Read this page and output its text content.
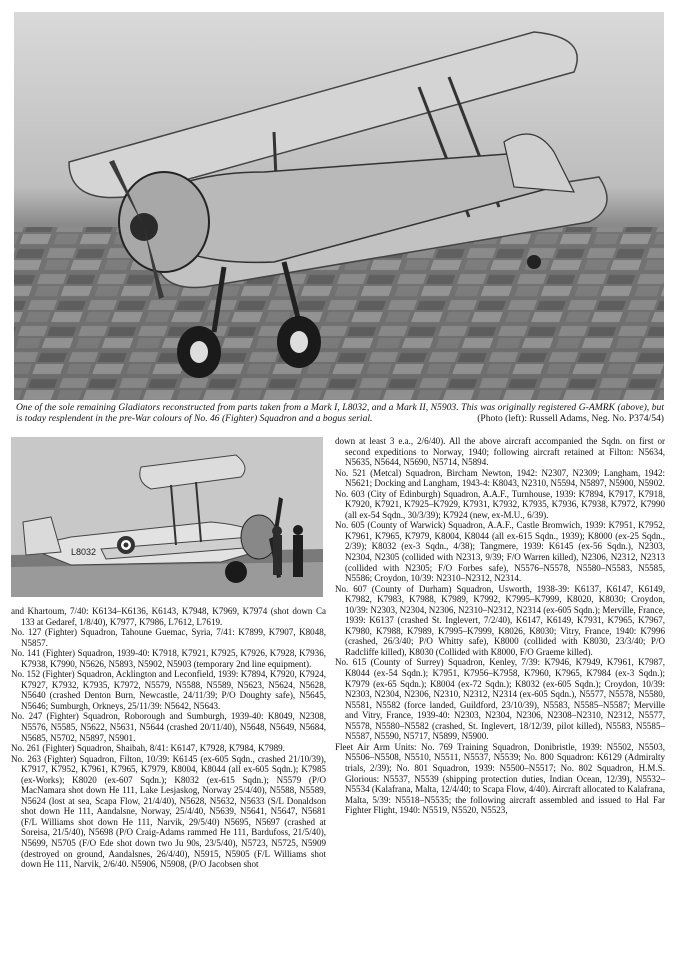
One of the sole remaining Gladiators reconstructed from parts taken from a Mark I, L8032, and a Mark II, N5903. This was originally registered G-AMRK (above), but is today resplendent in the pre-War colours of No. 46 (Fighter) Squadron and a bogus serial.	(Photo (left): Russell Adams, Neg. No. P374/54)
L8032

and Khartoum, 7/40: K6134–K6136, K6143, K7948, K7969, K7974 (shot down Ca 133 at Gedaref, 1/8/40), K7977, K7986, L7612, L7619.

No. 127 (Fighter) Squadron, Tahoune Guemac, Syria, 7/41: K7899, K7907, K8048, N5857.

No. 141 (Fighter) Squadron, 1939-40: K7918, K7921, K7925, K7926, K7928, K7936, K7938, K7990, N5626, N5893, N5902, N5903 (temporary 2nd line equipment).

No. 152 (Fighter) Squadron, Acklington and Leconfield, 1939: K7894, K7920, K7924, K7927, K7932, K7935, K7972, N5579, N5588, N5589, N5623, N5624, N5628, N5640 (crashed Denton Burn, Newcastle, 24/11/39; P/O Doughty safe), N5645, N5646; Sumburgh, Orkneys, 25/11/39: N5642, N5643.

No. 247 (Fighter) Squadron, Roborough and Sumburgh, 1939-40: K8049, N2308, N5576, N5585, N5622, N5631, N5644 (crashed 20/11/40), N5648, N5649, N5684, N5685, N5702, N5897, N5901.

No. 261 (Fighter) Squadron, Shaibah, 8/41: K6147, K7928, K7984, K7989.

No. 263 (Fighter) Squadron, Filton, 10/39: K6145 (ex-605 Sqdn., crashed 21/10/39), K7917, K7952, K7961, K7965, K7979, K8004, K8044 (all ex-605 Sqdn.); K7985 (ex-Works); K8020 (ex-607 Sqdn.); K8032 (ex-615 Sqdn.); N5579 (P/O MacNamara shot down He 111, Lake Lesjaskog, Norway 25/4/40), N5588, N5589, N5624 (lost at sea, Scapa Flow, 21/4/40), N5628, N5632, N5633 (S/L Donaldson shot down He 111, Aandalsne, Norway, 25/4/40, N5639, N5641, N5647, N5681 (F/L Williams shot down He 111, Narvik, 29/5/40) N5695, N5697 (crashed at Soreisa, 21/5/40), N5698 (P/O Craig-Adams rammed He 111, Bardufoss, 21/5/40), N5699, N5705 (F/O Ede shot down two Ju 90s, 23/5/40), N5723, N5725, N5909 (destroyed on ground, Aandalsnes, 26/4/40), N5915, N5905 (F/L Williams shot down He 111, Narvik, 2/6/40. N5906, N5908, (P/O Jacobsen shot

down at least 3 e.a., 2/6/40). All the above aircraft accompanied the Sqdn. on first or second expeditions to Norway, 1940; following aircraft retained at Filton: N5634, N5635, N5644, N5690, N5714, N5894.

No. 521 (Metcal) Squadron, Bircham Newton, 1942: N2307, N2309; Langham, 1942: N5621; Docking and Langham, 1943-4: K8043, N2310, N5594, N5897, N5900, N5902.

No. 603 (City of Edinburgh) Squadron, A.A.F., Turnhouse, 1939: K7894, K7917, K7918, K7920, K7921, K7925–K7929, K7931, K7932, K7935, K7936, K7938, K7972, K7990 (all ex-54 Sqdn., 30/3/39); K7924 (new, ex-M.U., 6/39).

No. 605 (County of Warwick) Squadron, A.A.F., Castle Bromwich, 1939: K7951, K7952, K7961, K7965, K7979, K8004, K8044 (all ex-615 Sqdn., 1939); K8000 (ex-25 Sqdn., 2/39); K8032 (ex-3 Sqdn., 4/38); Tangmere, 1939: K6145 (ex-56 Sqdn.), N2303, N2304, N2305 (collided with N2313, 9/39; F/O Warren killed), N2306, N2312, N2313 (collided with N2305; F/O Forbes safe), N5576–N5578, N5580–N5583, N5585, N5586; Croydon, 10/39: N2310–N2312, N2314.

No. 607 (County of Durham) Squadron, Usworth, 1938-39: K6137, K6147, K6149, K7982, K7983, K7988, K7989, K7992, K7995–K7999, K8020, K8030; Croydon, 10/39: N2303, N2304, N2306, N2310–N2312, N2314 (ex-605 Sqdn.); Merville, France, 1939: K6137 (crashed St. Inglevert, 7/2/40), K6147, K6149, K7931, K7965, K7967, K7980, K7988, K7989, K7995–K7999, K8026, K8030; Vitry, France, 1940: K7996 (crashed, 26/3/40; P/O Whitty safe), K8000 (collided with K8030, 23/3/40; P/O Radcliffe killed), K8030 (Collided with K8000, F/O Graeme killed).

No. 615 (County of Surrey) Squadron, Kenley, 7/39: K7946, K7949, K7961, K7987, K8044 (ex-54 Sqdn.); K7951, K7956–K7958, K7960, K7965, K7984 (ex-3 Sqdn.); K7979 (ex-65 Sqdn.); K8004 (ex-72 Sqdn.); K8032 (ex-605 Sqdn.); Croydon, 10/39: N2303, N2304, N2306, N2310, N2312, N2314 (ex-605 Sqdn.), N5577, N5578, N5580, N5581, N5582 (force landed, Guildford, 23/10/39), N5583, N5585–N5587; Merville and Vitry, France, 1939-40: N2303, N2304, N2306, N2308–N2310, N2312, N5577, N5578, N5580–N5582 (crashed, St. Inglevert, 18/12/39, pilot killed), N5583, N5585–N5587, N5590, N5717, N5899, N5900.

Fleet Air Arm Units: No. 769 Training Squadron, Donibristle, 1939: N5502, N5503, N5506–N5508, N5510, N5511, N5537, N5539; No. 800 Squadron: K6129 (Admiralty trials, 2/39); No. 801 Squadron, 1939: N5500–N5517; No. 802 Squadron, H.M.S. Glorious: N5537, N5539 (shipping protection duties, Indian Ocean, 12/39), N5532–N5534 (Kalafrana, Malta, 12/4/40; to Scapa Flow, 4/40). Aircraft allocated to Kalafrana, Malta, 5/39: N5518–N5535; the following aircraft assembled and issued to Hal Far Fighter Flight, 1940: N5519, N5520, N5523,
